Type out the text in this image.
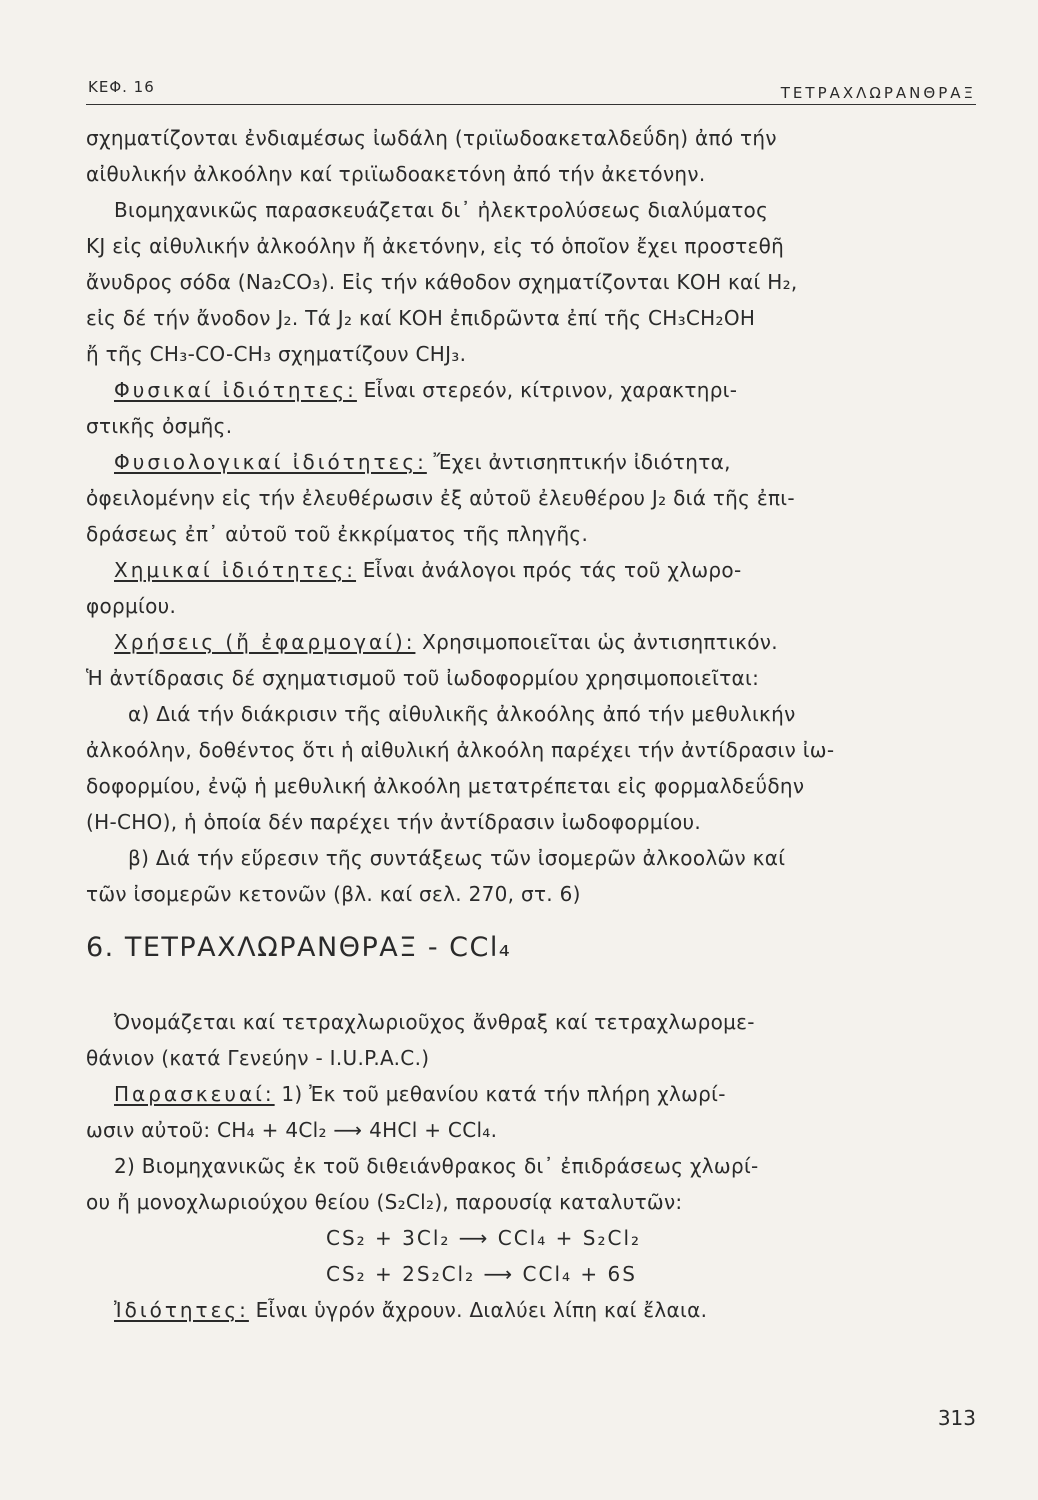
ΚΕΦ. 16	ΤΕΤΡΑΧΛΩΡΑΝΘΡΑΞ
σχηματίζονται ἐνδιαμέσως ἰωδάλη (τριϊωδοακεταλδεΰδη) ἀπό τήν
αἰθυλικήν ἀλκοόλην καί τριϊωδοακετόνη ἀπό τήν ἀκετόνην.
Βιομηχανικῶς παρασκευάζεται δι᾽ ἠλεκτρολύσεως διαλύματος
ΚJ εἰς αἰθυλικήν ἀλκοόλην ἤ ἀκετόνην, εἰς τό ὁποῖον ἔχει προστεθῆ
ἄνυδρος σόδα (Na₂CO₃). Εἰς τήν κάθοδον σχηματίζονται ΚΟΗ καί Η₂,
εἰς δέ τήν ἄνοδον J₂. Τά J₂ καί ΚΟΗ ἐπιδρῶντα ἐπί τῆς CH₃CH₂OH
ἤ τῆς CH₃-CO-CH₃ σχηματίζουν CHJ₃.
Φυσικαί ἰδιότητες: Εἶναι στερεόν, κίτρινον, χαρακτηρι-
στικῆς ὀσμῆς.
Φυσιολογικαί ἰδιότητες: Ἔχει ἀντισηπτικήν ἰδιότητα,
ὀφειλομένην εἰς τήν ἐλευθέρωσιν ἐξ αὐτοῦ ἐλευθέρου J₂ διά τῆς ἐπι-
δράσεως ἐπ᾽ αὐτοῦ τοῦ ἐκκρίματος τῆς πληγῆς.
Χημικαί ἰδιότητες: Εἶναι ἀνάλογοι πρός τάς τοῦ χλωρο-
φορμίου.
Χρήσεις (ἤ ἐφαρμογαί): Χρησιμοποιεῖται ὡς ἀντισηπτικόν.
Ἡ ἀντίδρασις δέ σχηματισμοῦ τοῦ ἰωδοφορμίου χρησιμοποιεῖται:
α) Διά τήν διάκρισιν τῆς αἰθυλικῆς ἀλκοόλης ἀπό τήν μεθυλικήν
ἀλκοόλην, δοθέντος ὅτι ἡ αἰθυλική ἀλκοόλη παρέχει τήν ἀντίδρασιν ἰω-
δοφορμίου, ἐνῷ ἡ μεθυλική ἀλκοόλη μετατρέπεται εἰς φορμαλδεΰδην
(H-CHO), ἡ ὁποία δέν παρέχει τήν ἀντίδρασιν ἰωδοφορμίου.
β) Διά τήν εὕρεσιν τῆς συντάξεως τῶν ἰσομερῶν ἀλκοολῶν καί
τῶν ἰσομερῶν κετονῶν (βλ. καί σελ. 270, στ. 6)
6. ΤΕΤΡΑΧΛΩΡΑΝΘΡΑΞ - CCl₄
Ὀνομάζεται καί τετραχλωριοῦχος ἄνθραξ καί τετραχλωρομε-
θάνιον (κατά Γενεύην - I.U.P.A.C.)
Παρασκευαί: 1) Ἐκ τοῦ μεθανίου κατά τήν πλήρη χλωρί-
ωσιν αὐτοῦ: CH₄ + 4Cl₂ ⟶ 4HCl + CCl₄.
2) Βιομηχανικῶς ἐκ τοῦ διθειάνθρακος δι᾽ ἐπιδράσεως χλωρί-
ου ἤ μονοχλωριούχου θείου (S₂Cl₂), παρουσίᾳ καταλυτῶν:
CS₂ + 3Cl₂ ⟶ CCl₄ + S₂Cl₂
CS₂ + 2S₂Cl₂ ⟶ CCl₄ + 6S
Ἰδιότητες: Εἶναι ὑγρόν ἄχρουν. Διαλύει λίπη καί ἔλαια.
313
